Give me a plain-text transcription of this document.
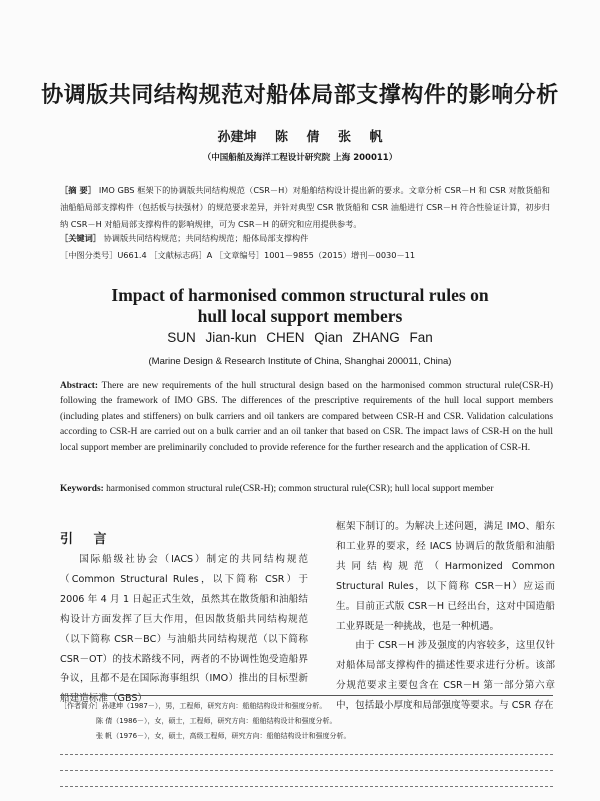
协调版共同结构规范对船体局部支撑构件的影响分析
孙建坤 陈 倩 张 帆
（中国船舶及海洋工程设计研究院 上海 200011）
［摘 要］ IMO GBS 框架下的协调版共同结构规范（CSR－H）对船舶结构设计提出新的要求。文章分析 CSR－H 和 CSR 对散货船和油船船局部支撑构件（包括板与扶强材）的规范要求差异，并针对典型 CSR 散货船和 CSR 油船进行 CSR－H 符合性验证计算，初步归纳 CSR－H 对船局部支撑构件的影响规律，可为 CSR－H 的研究和应用提供参考。
［关键词］ 协调版共同结构规范；共同结构规范；船体局部支撑构件
［中图分类号］U661.4 ［文献标志码］A ［文章编号］1001－9855（2015）增刊－0030－11
Impact of harmonised common structural rules on
hull local support members
SUN Jian-kun CHEN Qian ZHANG Fan
(Marine Design & Research Institute of China, Shanghai 200011, China)
Abstract: There are new requirements of the hull structural design based on the harmonised common structural rule(CSR-H) following the framework of IMO GBS. The differences of the prescriptive requirements of the hull local support members (including plates and stiffeners) on bulk carriers and oil tankers are compared between CSR-H and CSR. Validation calculations according to CSR-H are carried out on a bulk carrier and an oil tanker that based on CSR. The impact laws of CSR-H on the hull local support member are preliminarily concluded to provide reference for the further research and the application of CSR-H.
Keywords: harmonised common structural rule(CSR-H); common structural rule(CSR); hull local support member
引 言

国际船级社协会（IACS）制定的共同结构规范（Common Structural Rules，以下简称 CSR）于 2006 年 4 月 1 日起正式生效，虽然其在散货船和油船结构设计方面发挥了巨大作用，但因散货船共同结构规范（以下简称 CSR－BC）与油船共同结构规范（以下简称 CSR－OT）的技术路线不同，两者的不协调性饱受造船界争议，且都不是在国际海事组织（IMO）推出的目标型新船建造标准（GBS）

框架下制订的。为解决上述问题，满足 IMO、船东和工业界的要求，经 IACS 协调后的散货船和油船共同结构规范（Harmonized Common Structural Rules，以下简称 CSR－H）应运而生。目前正式版 CSR－H 已经出台，这对中国造船工业界既是一种挑战，也是一种机遇。

由于 CSR－H 涉及强度的内容较多，这里仅针对船体局部支撑构件的描述性要求进行分析。该部分规范要求主要包含在 CSR－H 第一部分第六章中，包括最小厚度和局部强度等要求。与 CSR 存在

［作者简介］孙建坤（1987－），男，工程师，研究方向：船舶结构设计和强度分析。
陈 倩（1986－），女，硕士，工程师，研究方向：船舶结构设计和强度分析。
张 帆（1976－），女，硕士，高级工程师，研究方向：船舶结构设计和强度分析。
